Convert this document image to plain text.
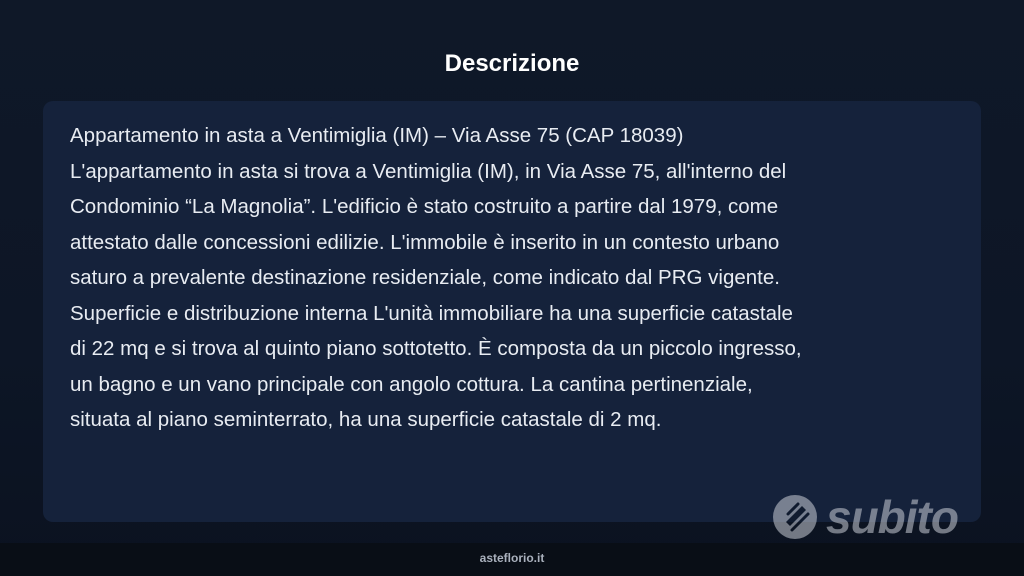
Descrizione

Appartamento in asta a Ventimiglia (IM) – Via Asse 75 (CAP 18039)

L'appartamento in asta si trova a Ventimiglia (IM), in Via Asse 75, all'interno del

Condominio “La Magnolia”. L'edificio è stato costruito a partire dal 1979, come

attestato dalle concessioni edilizie. L'immobile è inserito in un contesto urbano

saturo a prevalente destinazione residenziale, come indicato dal PRG vigente.

Superficie e distribuzione interna L'unità immobiliare ha una superficie catastale

di 22 mq e si trova al quinto piano sottotetto. È composta da un piccolo ingresso,

un bagno e un vano principale con angolo cottura. La cantina pertinenziale,

situata al piano seminterrato, ha una superficie catastale di 2 mq.

asteflorio.it
subito
